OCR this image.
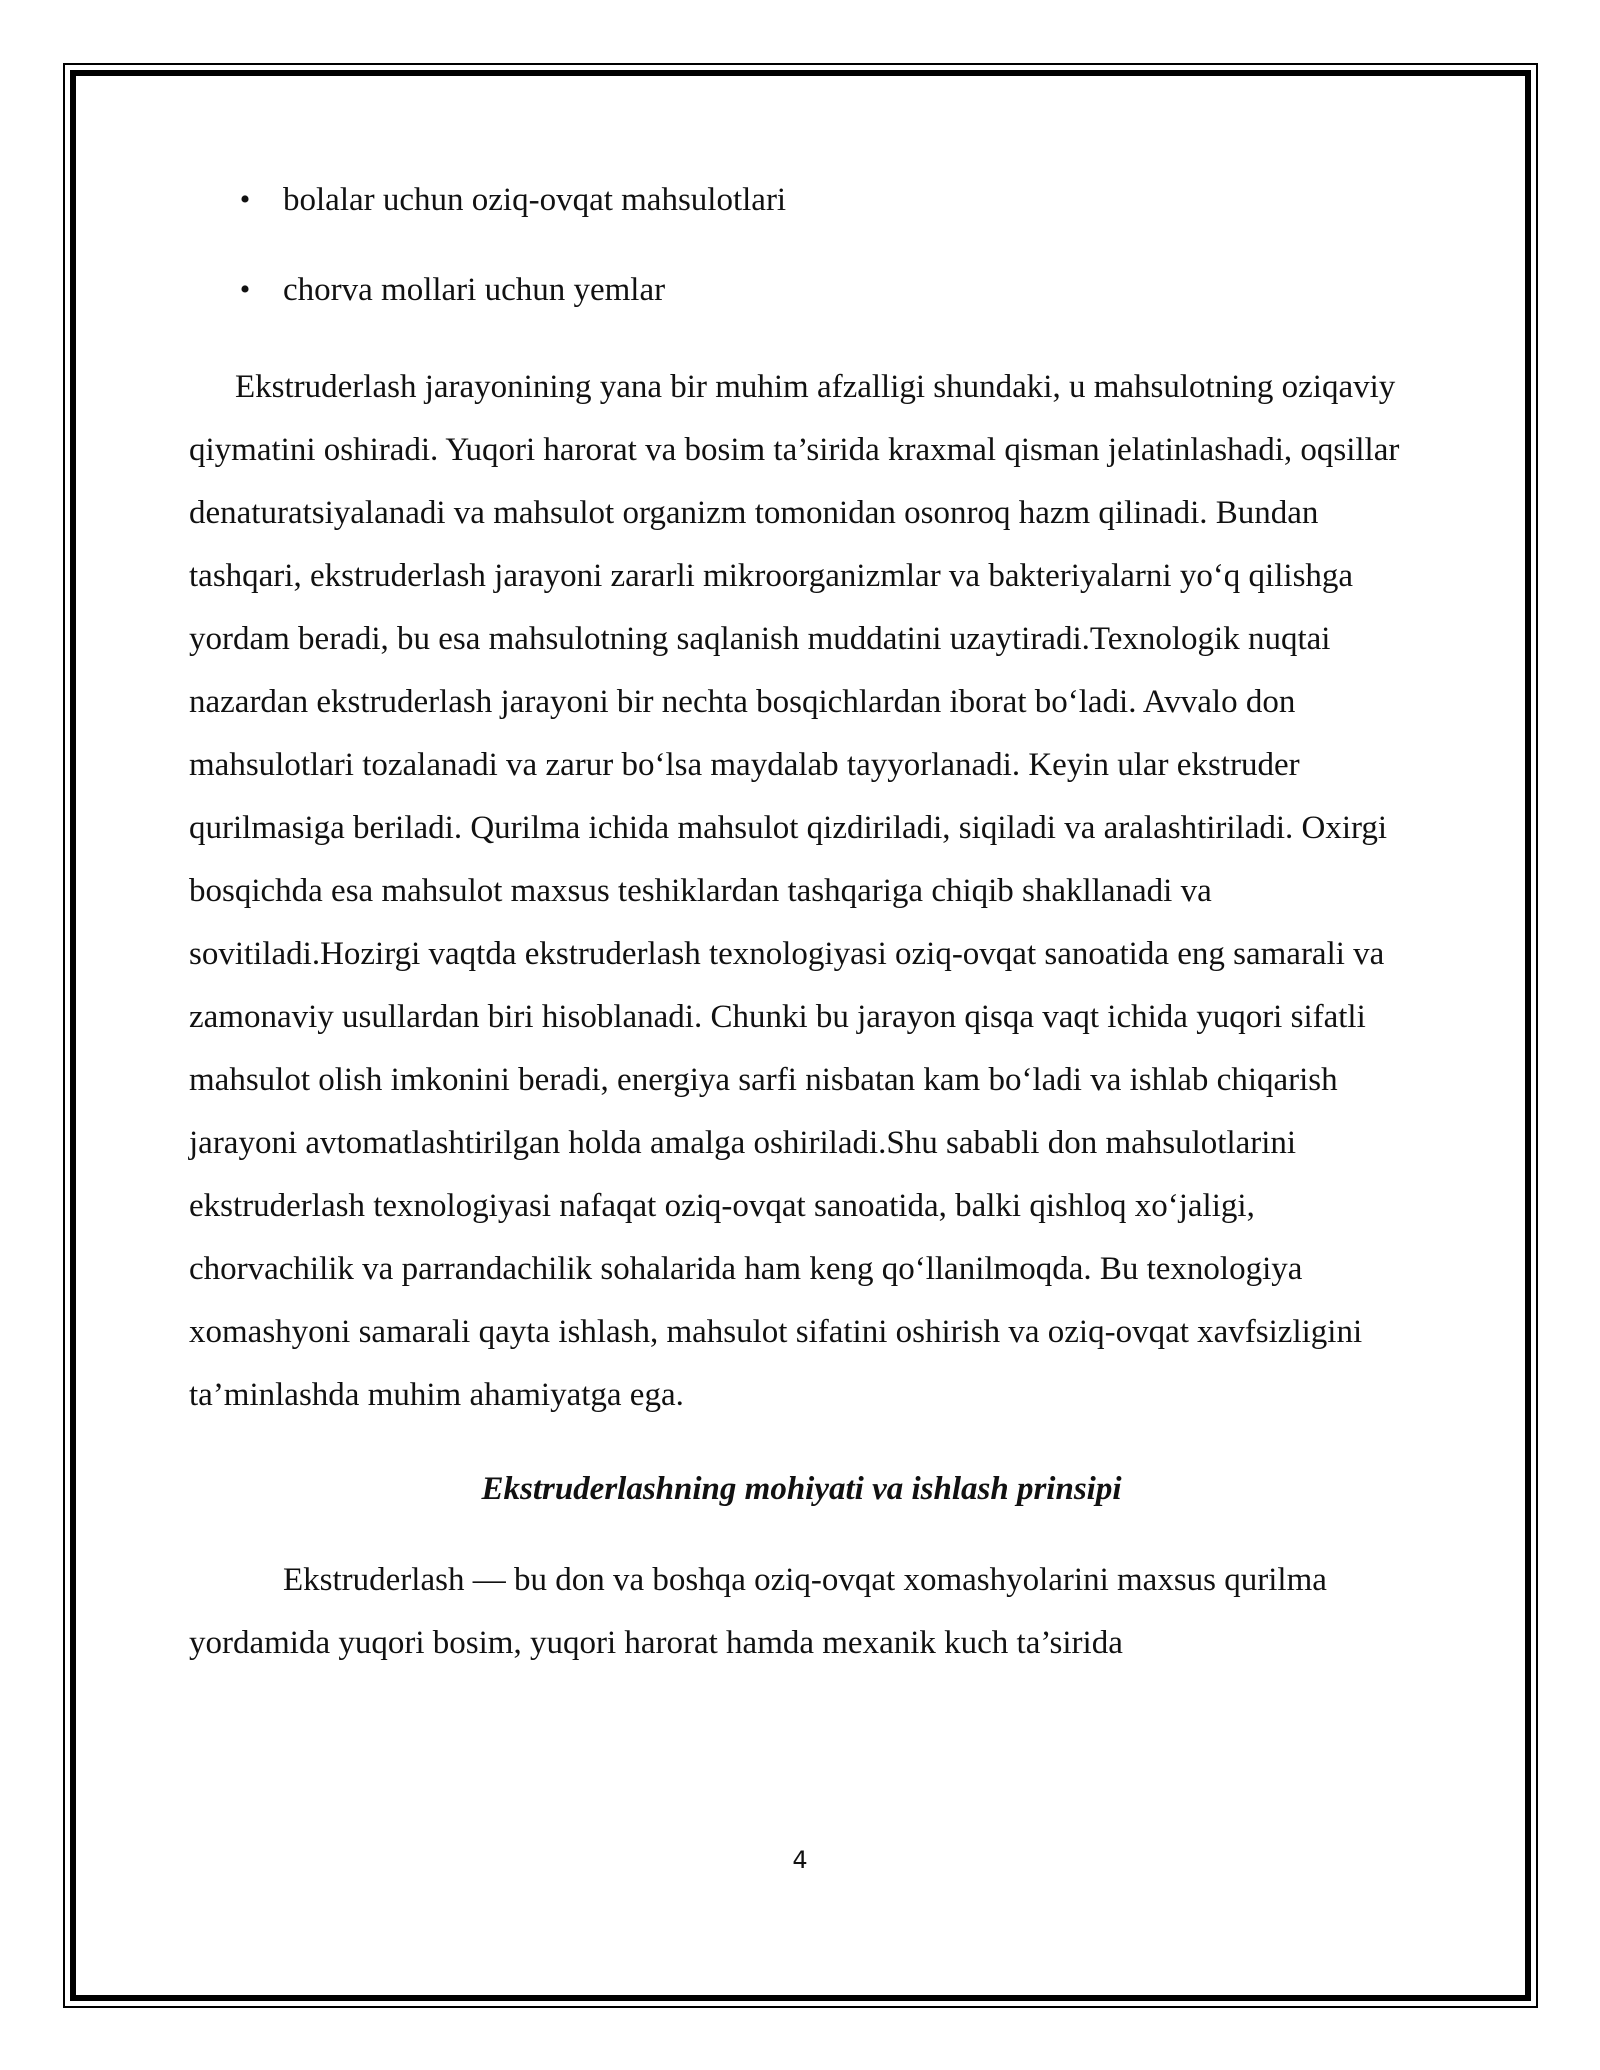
• bolalar uchun oziq-ovqat mahsulotlari
• chorva mollari uchun yemlar

Ekstruderlash jarayonining yana bir muhim afzalligi shundaki, u mahsulotning oziqaviy qiymatini oshiradi. Yuqori harorat va bosim ta’sirida kraxmal qisman jelatinlashadi, oqsillar denaturatsiyalanadi va mahsulot organizm tomonidan osonroq hazm qilinadi. Bundan tashqari, ekstruderlash jarayoni zararli mikroorganizmlar va bakteriyalarni yo‘q qilishga yordam beradi, bu esa mahsulotning saqlanish muddatini uzaytiradi.Texnologik nuqtai nazardan ekstruderlash jarayoni bir nechta bosqichlardan iborat bo‘ladi. Avvalo don mahsulotlari tozalanadi va zarur bo‘lsa maydalab tayyorlanadi. Keyin ular ekstruder qurilmasiga beriladi. Qurilma ichida mahsulot qizdiriladi, siqiladi va aralashtiriladi. Oxirgi bosqichda esa mahsulot maxsus teshiklardan tashqariga chiqib shakllanadi va sovitiladi.Hozirgi vaqtda ekstruderlash texnologiyasi oziq-ovqat sanoatida eng samarali va zamonaviy usullardan biri hisoblanadi. Chunki bu jarayon qisqa vaqt ichida yuqori sifatli mahsulot olish imkonini beradi, energiya sarfi nisbatan kam bo‘ladi va ishlab chiqarish jarayoni avtomatlashtirilgan holda amalga oshiriladi.Shu sababli don mahsulotlarini ekstruderlash texnologiyasi nafaqat oziq-ovqat sanoatida, balki qishloq xo‘jaligi, chorvachilik va parrandachilik sohalarida ham keng qo‘llanilmoqda. Bu texnologiya xomashyoni samarali qayta ishlash, mahsulot sifatini oshirish va oziq-ovqat xavfsizligini ta’minlashda muhim ahamiyatga ega.

Ekstruderlashning mohiyati va ishlash prinsipi

Ekstruderlash — bu don va boshqa oziq-ovqat xomashyolarini maxsus qurilma yordamida yuqori bosim, yuqori harorat hamda mexanik kuch ta’sirida

4
